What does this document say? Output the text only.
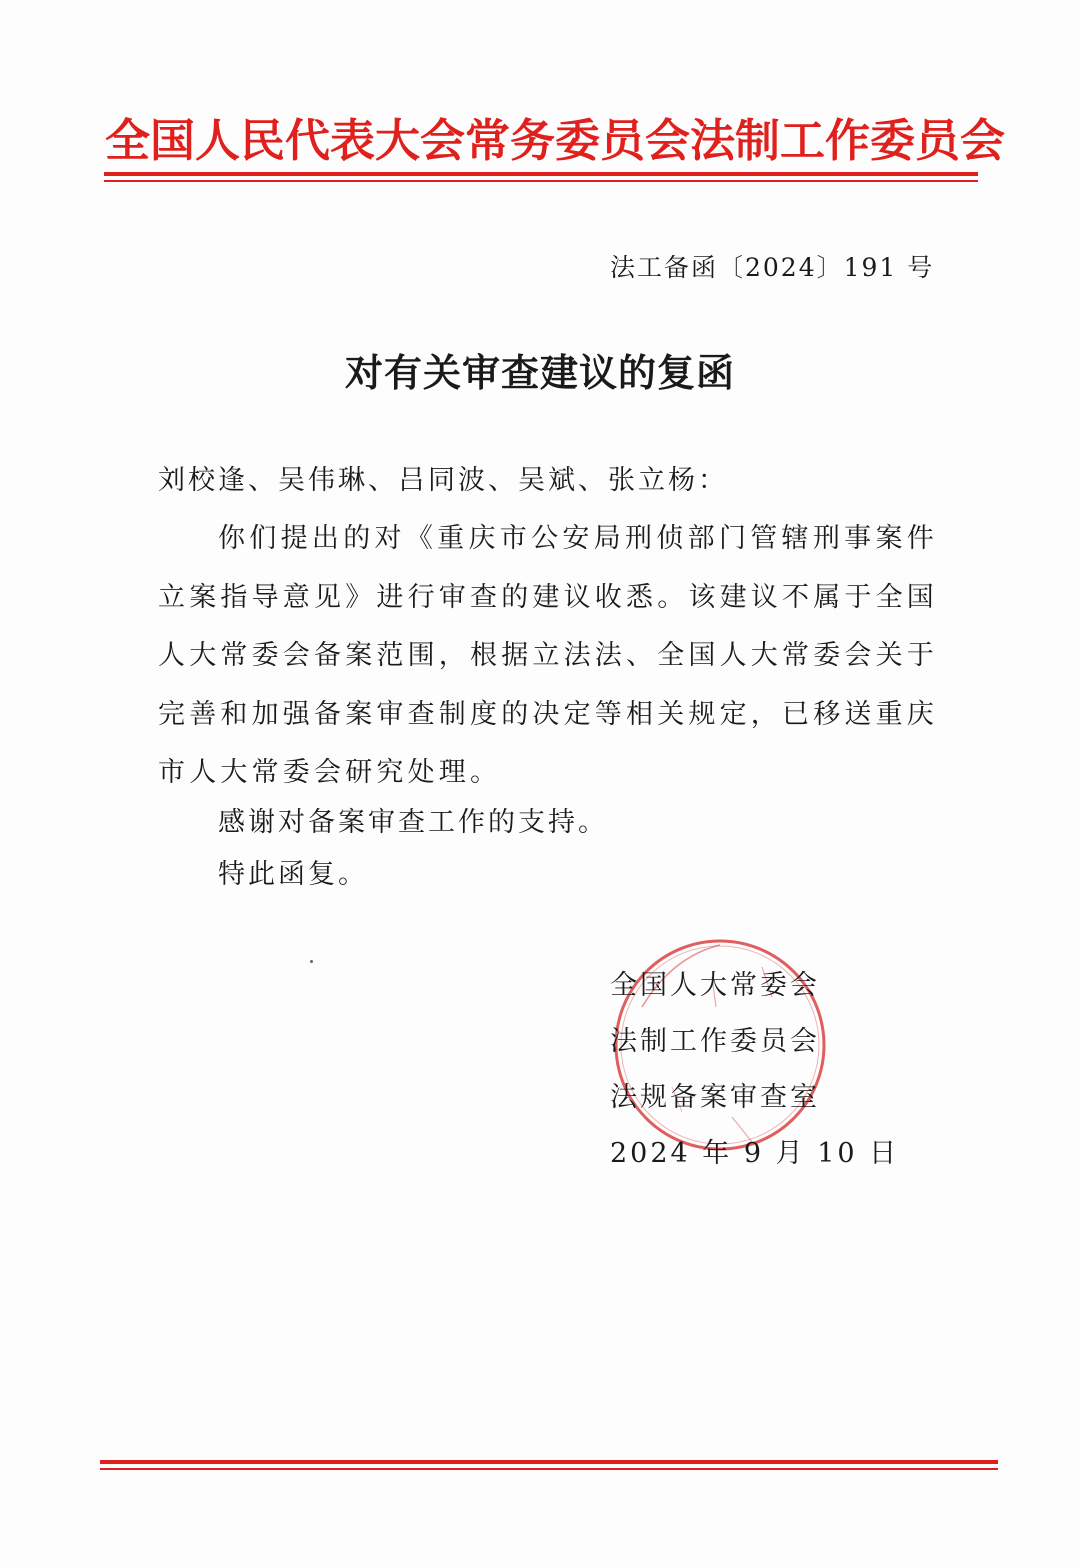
全国人民代表大会常务委员会法制工作委员会
法工备函〔2024〕191 号
对有关审查建议的复函
刘校逢、吴伟琳、吕同波、吴斌、张立杨：

你们提出的对《重庆市公安局刑侦部门管辖刑事案件立案指导意见》进行审查的建议收悉。该建议不属于全国人大常委会备案范围，根据立法法、全国人大常委会关于完善和加强备案审查制度的决定等相关规定，已移送重庆市人大常委会研究处理。

感谢对备案审查工作的支持。
特此函复。
全国人大常委会
法制工作委员会
法规备案审查室
2024 年 9 月 10 日
